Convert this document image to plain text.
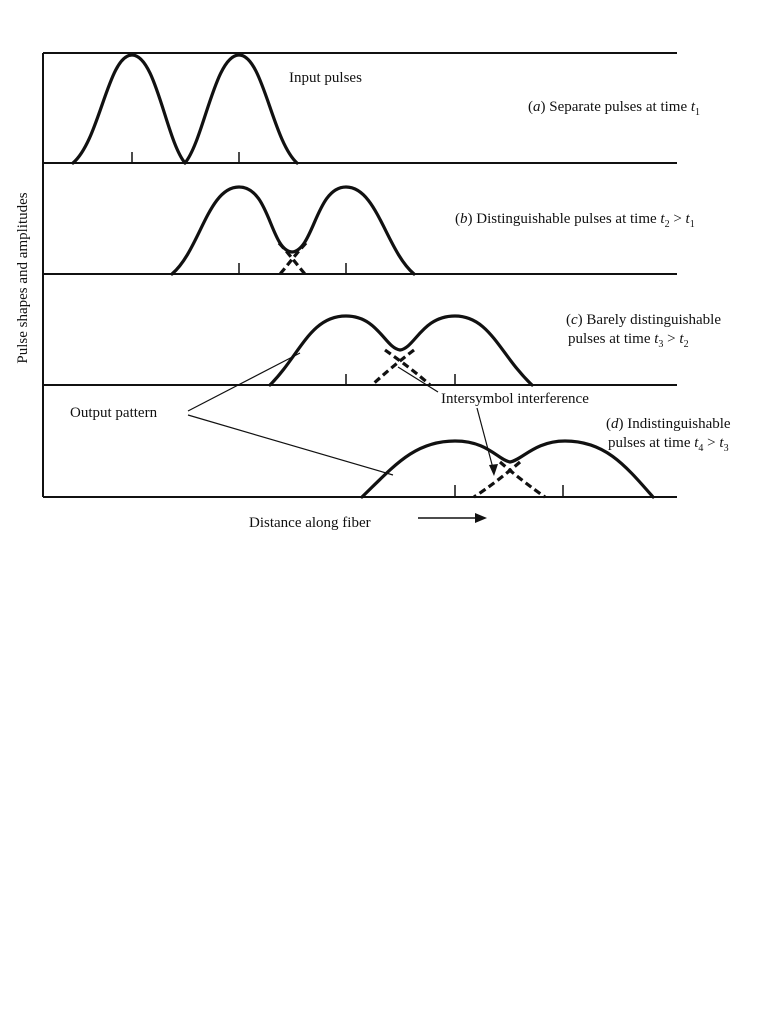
Input pulses
Output pattern
Intersymbol interference
Pulse shapes and amplitudes
Distance along fiber
(a) Separate pulses at time $t_1$
(b) Distinguishable pulses at time $t_2 > t_1$
(c) Barely distinguishable
pulses at time $t_3 > t_2$
(d) Indistinguishable
pulses at time $t_4 > t_3$
